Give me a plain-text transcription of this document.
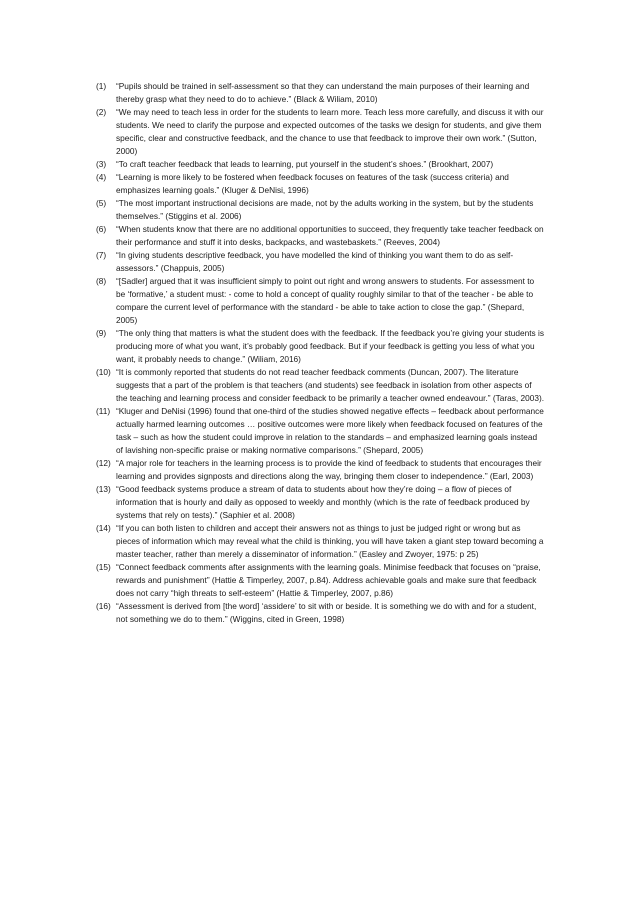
(1)	“Pupils should be trained in self-assessment so that they can understand the main purposes of their learning and thereby grasp what they need to do to achieve.” (Black & Wiliam, 2010)
(2)	“We may need to teach less in order for the students to learn more. Teach less more carefully, and discuss it with our students. We need to clarify the purpose and expected outcomes of the tasks we design for students, and give them specific, clear and constructive feedback, and the chance to use that feedback to improve their own work.” (Sutton, 2000)
(3)	“To craft teacher feedback that leads to learning, put yourself in the student’s shoes.” (Brookhart, 2007)
(4)	“Learning is more likely to be fostered when feedback focuses on features of the task (success criteria) and emphasizes learning goals.” (Kluger & DeNisi, 1996)
(5)	“The most important instructional decisions are made, not by the adults working in the system, but by the students themselves.” (Stiggins et al. 2006)
(6)	“When students know that there are no additional opportunities to succeed, they frequently take teacher feedback on their performance and stuff it into desks, backpacks, and wastebaskets.” (Reeves, 2004)
(7)	“In giving students descriptive feedback, you have modelled the kind of thinking you want them to do as self-assessors.” (Chappuis, 2005)
(8)	“[Sadler] argued that it was insufficient simply to point out right and wrong answers to students. For assessment to be ‘formative,’ a student must: - come to hold a concept of quality roughly similar to that of the teacher - be able to compare the current level of performance with the standard - be able to take action to close the gap.” (Shepard, 2005)
(9)	“The only thing that matters is what the student does with the feedback. If the feedback you’re giving your students is producing more of what you want, it’s probably good feedback. But if your feedback is getting you less of what you want, it probably needs to change.” (Wiliam, 2016)
(10) “It is commonly reported that students do not read teacher feedback comments (Duncan, 2007). The literature suggests that a part of the problem is that teachers (and students) see feedback in isolation from other aspects of the teaching and learning process and consider feedback to be primarily a teacher owned endeavour.” (Taras, 2003).
(11) “Kluger and DeNisi (1996) found that one-third of the studies showed negative effects – feedback about performance actually harmed learning outcomes … positive outcomes were more likely when feedback focused on features of the task – such as how the student could improve in relation to the standards – and emphasized learning goals instead of lavishing non-specific praise or making normative comparisons.” (Shepard, 2005)
(12) “A major role for teachers in the learning process is to provide the kind of feedback to students that encourages their learning and provides signposts and directions along the way, bringing them closer to independence.” (Earl, 2003)
(13) “Good feedback systems produce a stream of data to students about how they’re doing – a flow of pieces of information that is hourly and daily as opposed to weekly and monthly (which is the rate of feedback produced by systems that rely on tests).” (Saphier et al. 2008)
(14) “If you can both listen to children and accept their answers not as things to just be judged right or wrong but as pieces of information which may reveal what the child is thinking, you will have taken a giant step toward becoming a master teacher, rather than merely a disseminator of information.” (Easley and Zwoyer, 1975: p 25)
(15) “Connect feedback comments after assignments with the learning goals. Minimise feedback that focuses on “praise, rewards and punishment” (Hattie & Timperley, 2007, p.84). Address achievable goals and make sure that feedback does not carry “high threats to self-esteem” (Hattie & Timperley, 2007, p.86)
(16) “Assessment is derived from [the word] ‘assidere’ to sit with or beside. It is something we do with and for a student, not something we do to them.” (Wiggins, cited in Green, 1998)
